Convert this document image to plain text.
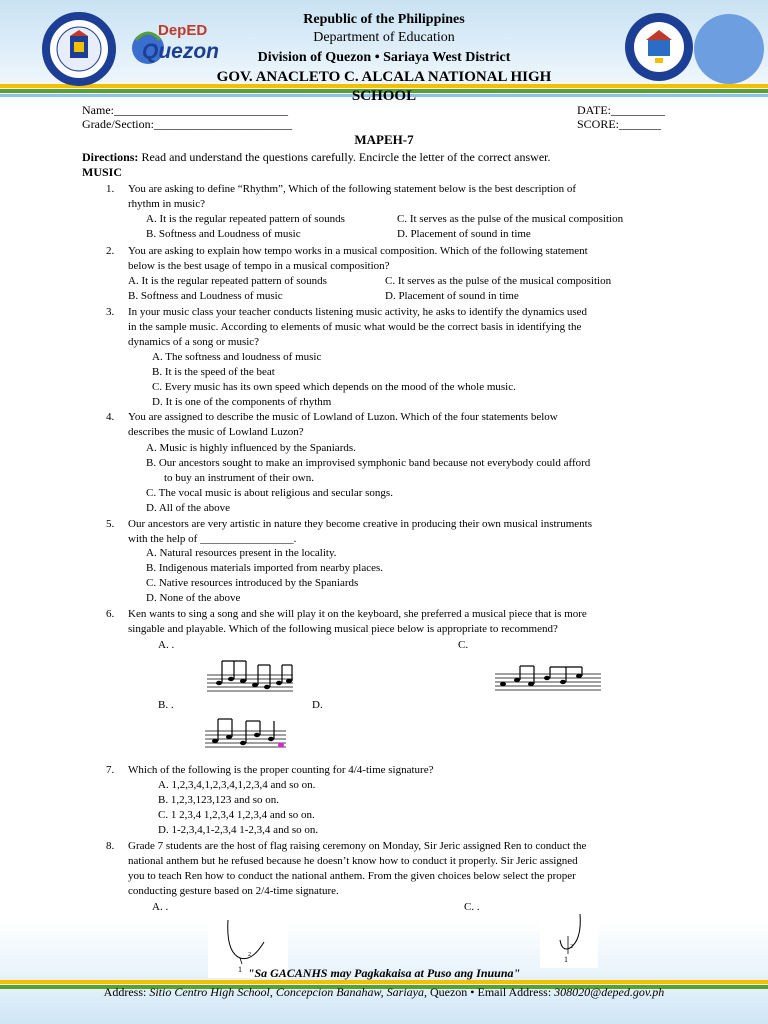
DepED
Quezon
Republic of the Philippines
Department of Education
Division of Quezon • Sariaya West District
GOV. ANACLETO C. ALCALA NATIONAL HIGH
SCHOOL
Name:_____________________________
Grade/Section:_______________________
DATE:_________
SCORE:_______
MAPEH-7
Directions: Read and understand the questions carefully. Encircle the letter of the correct answer.
MUSIC
1. You are asking to define “Rhythm”, Which of the following statement below is the best description of
rhythm in music?
A. It is the regular repeated pattern of sounds	C. It serves as the pulse of the musical composition
B. Softness and Loudness of music	D. Placement of sound in time
2. You are asking to explain how tempo works in a musical composition. Which of the following statement
below is the best usage of tempo in a musical composition?
A. It is the regular repeated pattern of sounds	C. It serves as the pulse of the musical composition
B. Softness and Loudness of music	D. Placement of sound in time
3. In your music class your teacher conducts listening music activity, he asks to identify the dynamics used
in the sample music. According to elements of music what would be the correct basis in identifying the
dynamics of a song or music?
A. The softness and loudness of music
B. It is the speed of the beat
C. Every music has its own speed which depends on the mood of the whole music.
D. It is one of the components of rhythm
4. You are assigned to describe the music of Lowland of Luzon. Which of the four statements below
describes the music of Lowland Luzon?
A. Music is highly influenced by the Spaniards.
B. Our ancestors sought to make an improvised symphonic band because not everybody could afford
to buy an instrument of their own.
C. The vocal music is about religious and secular songs.
D. All of the above
5. Our ancestors are very artistic in nature they become creative in producing their own musical instruments
with the help of _________________.
A. Natural resources present in the locality.
B. Indigenous materials imported from nearby places.
C. Native resources introduced by the Spaniards
D. None of the above
6. Ken wants to sing a song and she will play it on the keyboard, she preferred a musical piece that is more
singable and playable. Which of the following musical piece below is appropriate to recommend?
A. .	C.
B. .	D.
7. Which of the following is the proper counting for 4/4-time signature?
A. 1,2,3,4,1,2,3,4,1,2,3,4 and so on.
B. 1,2,3,123,123 and so on.
C. 1 2,3,4 1,2,3,4 1,2,3,4 and so on.
D. 1-2,3,4,1-2,3,4 1-2,3,4 and so on.
8. Grade 7 students are the host of flag raising ceremony on Monday, Sir Jeric assigned Ren to conduct the
national anthem but he refused because he doesn’t know how to conduct it properly. Sir Jeric assigned
you to teach Ren how to conduct the national anthem. From the given choices below select the proper
conducting gesture based on 2/4-time signature.
A. .	C. .
1
2	1
2
"Sa GACANHS may Pagkakaisa at Puso ang Inuuna"
Address: Sitio Centro High School, Concepcion Banahaw, Sariaya, Quezon • Email Address: 308020@deped.gov.ph
